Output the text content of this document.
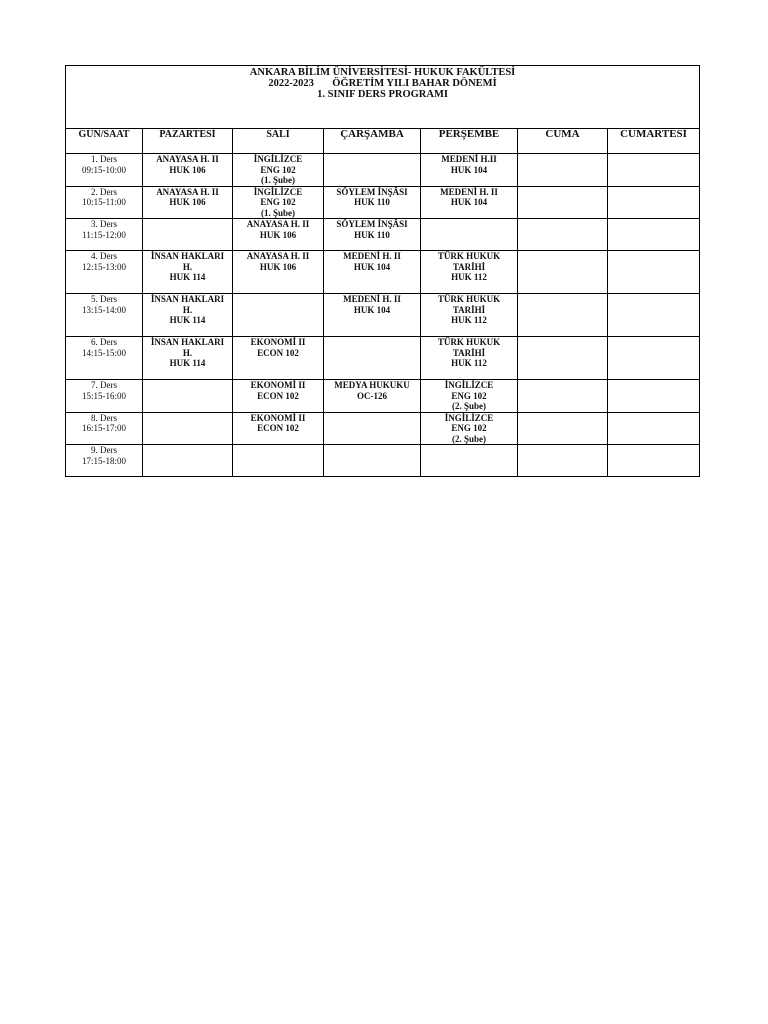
ANKARA BİLİM ÜNİVERSİTESİ- HUKUK FAKÜLTESİ
2022-2023       ÖĞRETİM YILI BAHAR DÖNEMİ
1. SINIF DERS PROGRAMI						

GÜN/SAAT	PAZARTESİ	SALI	ÇARŞAMBA	PERŞEMBE	CUMA	CUMARTESİ

1. Ders
09:15-10:00	ANAYASA H. II
HUK 106	İNGİLİZCE
ENG 102
(1. Şube)		MEDENİ H.II
HUK 104		

2. Ders
10:15-11:00	ANAYASA H. II
HUK 106	İNGİLİZCE
ENG 102
(1. Şube)	SÖYLEM İNŞÂSI
HUK 110	MEDENİ H. II
HUK 104		

3. Ders
11:15-12:00		ANAYASA H. II
HUK 106	SÖYLEM İNŞÂSI
HUK 110			

4. Ders
12:15-13:00	İNSAN HAKLARI
H.
HUK 114	ANAYASA H. II
HUK 106	MEDENİ H. II
HUK 104	TÜRK HUKUK
TARİHİ
HUK 112		

5. Ders
13:15-14:00	İNSAN HAKLARI
H.
HUK 114		MEDENİ H. II
HUK 104	TÜRK HUKUK
TARİHİ
HUK 112		

6. Ders
14:15-15:00	İNSAN HAKLARI
H.
HUK 114	EKONOMİ II
ECON 102		TÜRK HUKUK
TARİHİ
HUK 112		

7. Ders
15:15-16:00		EKONOMİ II
ECON 102	MEDYA HUKUKU
OC-126	İNGİLİZCE
ENG 102
(2. Şube)		

8. Ders
16:15-17:00		EKONOMİ II
ECON 102		İNGİLİZCE
ENG 102
(2. Şube)		

9. Ders
17:15-18:00						
